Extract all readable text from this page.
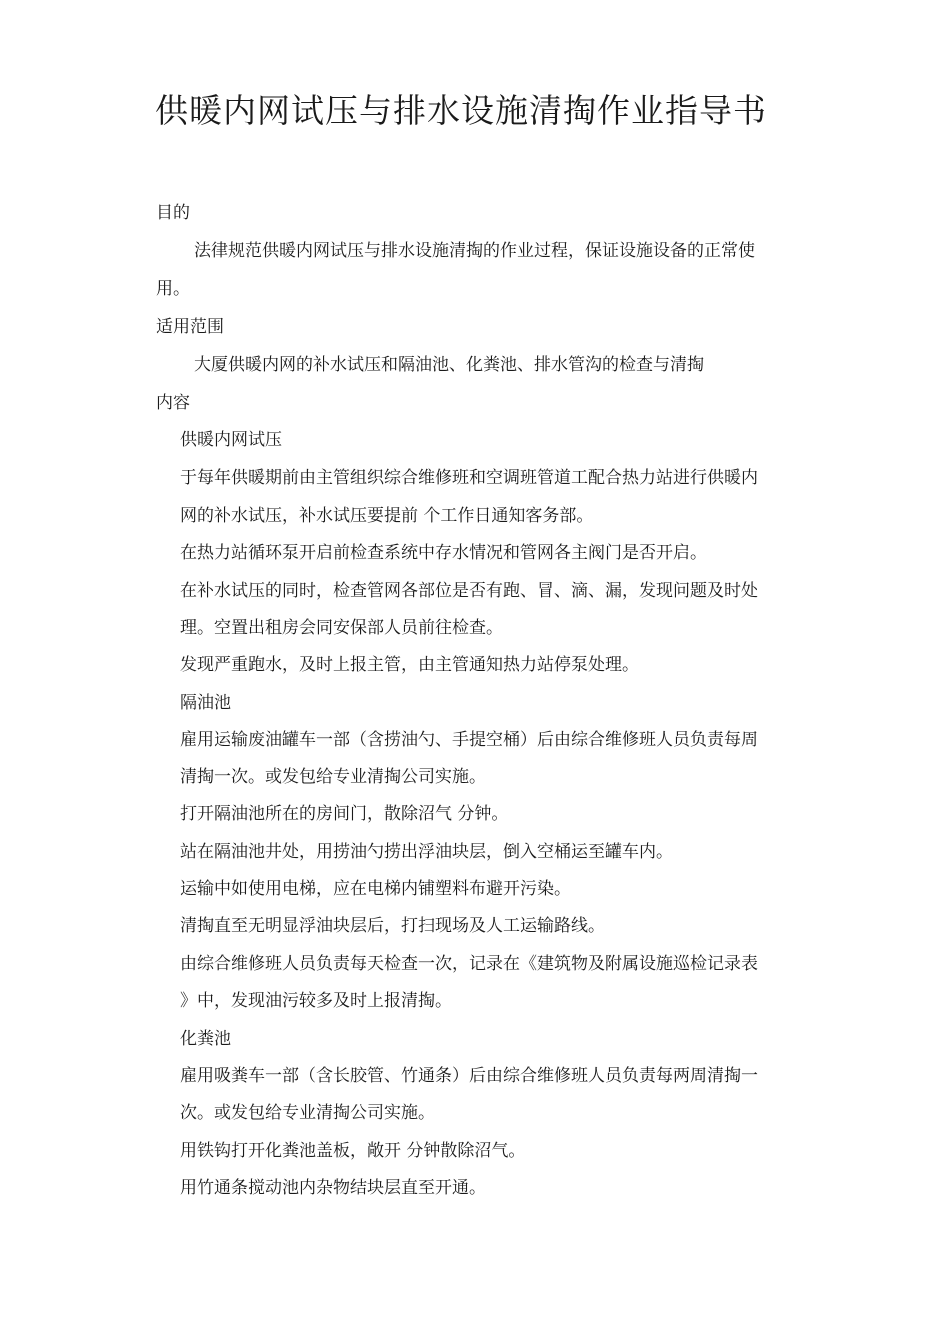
供暖内网试压与排水设施清掏作业指导书
目的
法律规范供暖内网试压与排水设施清掏的作业过程，保证设施设备的正常使
用。
适用范围
大厦供暖内网的补水试压和隔油池、化粪池、排水管沟的检查与清掏
内容
供暖内网试压
于每年供暖期前由主管组织综合维修班和空调班管道工配合热力站进行供暖内
网的补水试压，补水试压要提前 个工作日通知客务部。
在热力站循环泵开启前检查系统中存水情况和管网各主阀门是否开启。
在补水试压的同时，检查管网各部位是否有跑、冒、滴、漏，发现问题及时处
理。空置出租房会同安保部人员前往检查。
发现严重跑水，及时上报主管，由主管通知热力站停泵处理。
隔油池
雇用运输废油罐车一部（含捞油勺、手提空桶）后由综合维修班人员负责每周
清掏一次。或发包给专业清掏公司实施。
打开隔油池所在的房间门，散除沼气 分钟。
站在隔油池井处，用捞油勺捞出浮油块层，倒入空桶运至罐车内。
运输中如使用电梯，应在电梯内铺塑料布避开污染。
清掏直至无明显浮油块层后，打扫现场及人工运输路线。
由综合维修班人员负责每天检查一次，记录在《建筑物及附属设施巡检记录表
》中，发现油污较多及时上报清掏。
化粪池
雇用吸粪车一部（含长胶管、竹通条）后由综合维修班人员负责每两周清掏一
次。或发包给专业清掏公司实施。
用铁钩打开化粪池盖板，敞开 分钟散除沼气。
用竹通条搅动池内杂物结块层直至开通。
